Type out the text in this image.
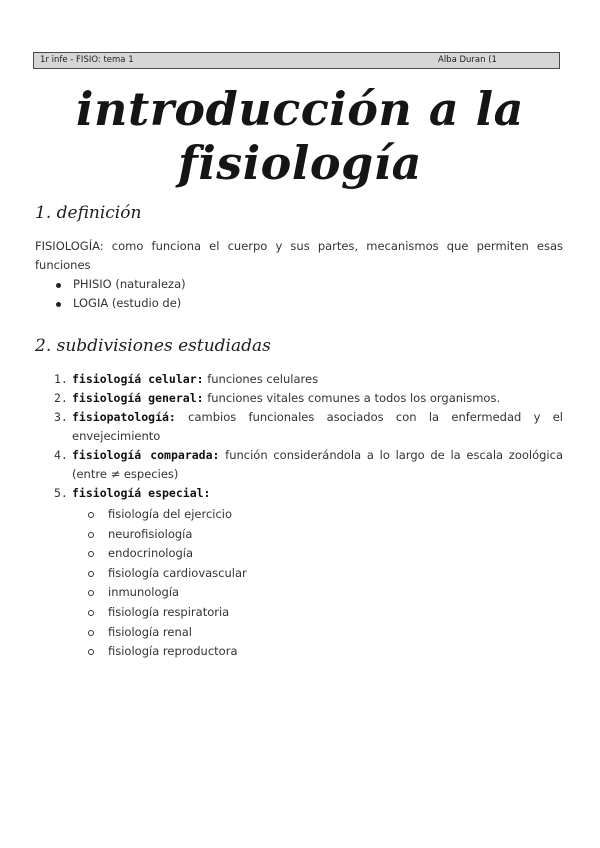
1r infe - FISIO: tema 1	Alba Duran (1
introducción a la fisiología
1. definición
FISIOLOGÍA: como funciona el cuerpo y sus partes, mecanismos que permiten esas funciones
PHISIO (naturaleza)
LOGIA (estudio de)
2. subdivisiones estudiadas
1. fisiologí́a celular: funciones celulares
2. fisiologí́a general: funciones vitales comunes a todos los organismos.
3. fisiopatologí́a: cambios funcionales asociados con la enfermedad y el envejecimiento
4. fisiologí́a comparada: función considerándola a lo largo de la escala zoológica (entre ≠ especies)
5. fisiologí́a especial:
fisiología del ejercicio
neurofisiología
endocrinología
fisiología cardiovascular
inmunología
fisiología respiratoria
fisiología renal
fisiología reproductora
